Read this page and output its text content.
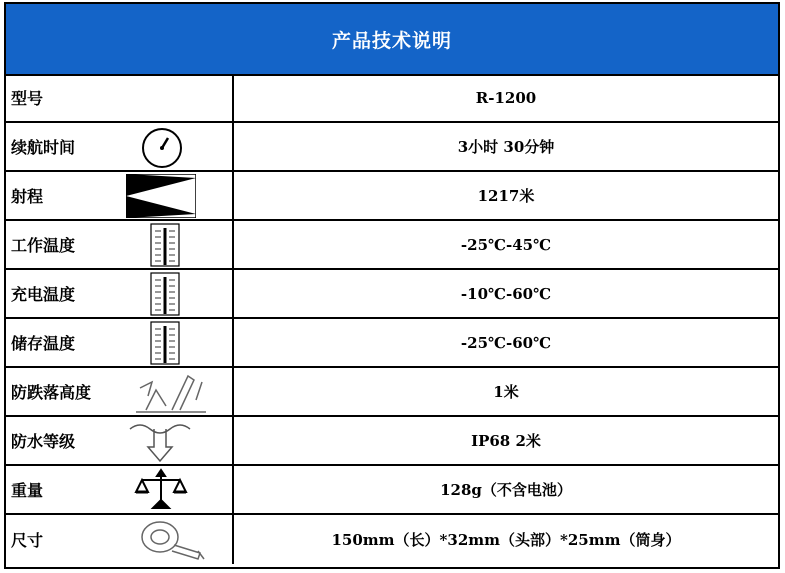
产品技术说明
型号	R-1200
续航时间	3小时 30分钟
射程	1217米
工作温度	-25℃-45℃
充电温度	-10℃-60℃
储存温度	-25℃-60℃
防跌落高度	1米
防水等级	IP68 2米
重量	128g（不含电池）
尺寸	150mm（长）*32mm（头部）*25mm（筒身）
